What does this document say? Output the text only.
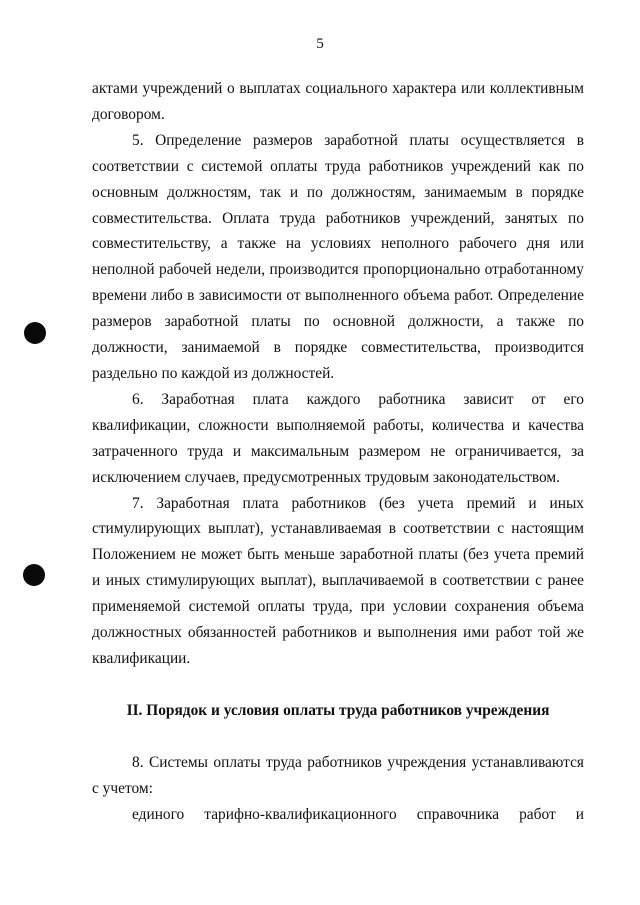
5

актами учреждений о выплатах социального характера или коллективным договором.

5. Определение размеров заработной платы осуществляется в соответствии с системой оплаты труда работников учреждений как по основным должностям, так и по должностям, занимаемым в порядке совместительства. Оплата труда работников учреждений, занятых по совместительству, а также на условиях неполного рабочего дня или неполной рабочей недели, производится пропорционально отработанному времени либо в зависимости от выполненного объема работ. Определение размеров заработной платы по основной должности, а также по должности, занимаемой в порядке совместительства, производится раздельно по каждой из должностей.

6. Заработная плата каждого работника зависит от его квалификации, сложности выполняемой работы, количества и качества затраченного труда и максимальным размером не ограничивается, за исключением случаев, предусмотренных трудовым законодательством.

7. Заработная плата работников (без учета премий и иных стимулирующих выплат), устанавливаемая в соответствии с настоящим Положением не может быть меньше заработной платы (без учета премий и иных стимулирующих выплат), выплачиваемой в соответствии с ранее применяемой системой оплаты труда, при условии сохранения объема должностных обязанностей работников и выполнения ими работ той же квалификации.

II. Порядок и условия оплаты труда работников учреждения

8. Системы оплаты труда работников учреждения устанавливаются с учетом:

единого тарифно-квалификационного справочника работ и
